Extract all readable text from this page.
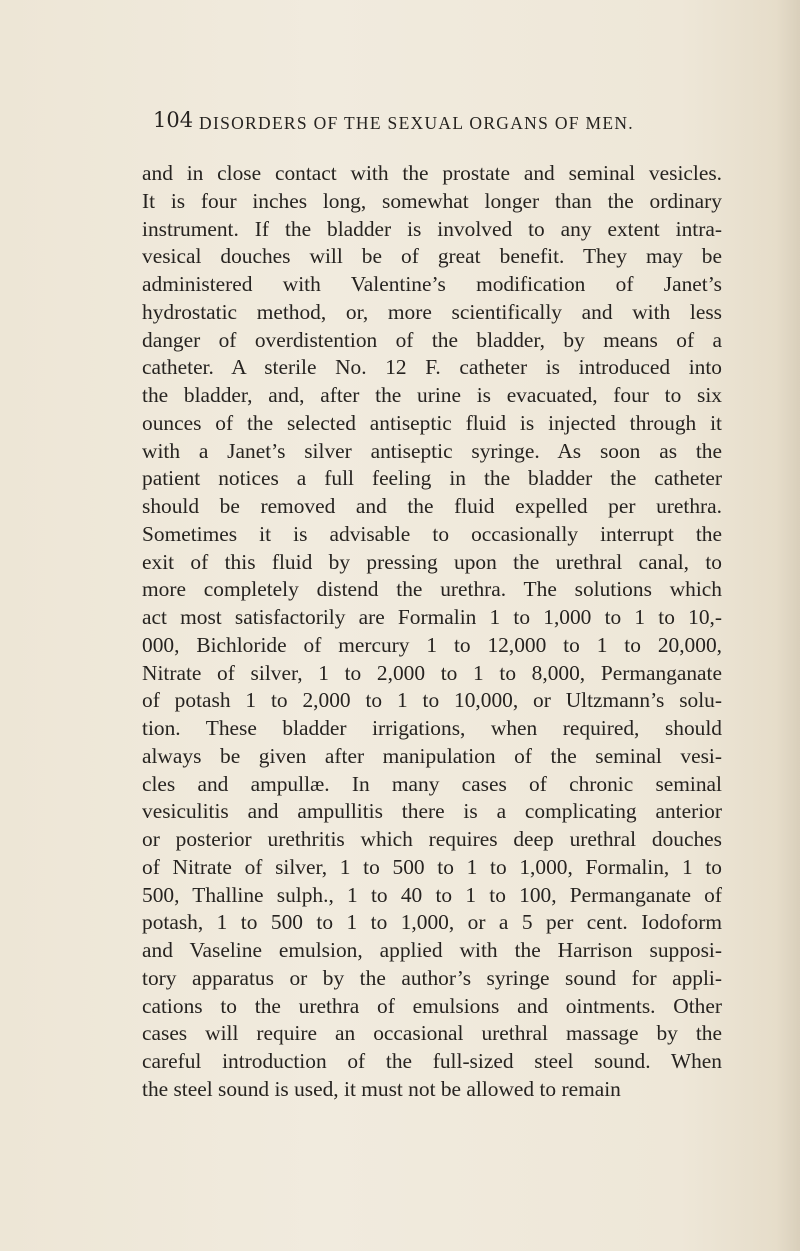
104 DISORDERS OF THE SEXUAL ORGANS OF MEN.

and in close contact with the prostate and seminal vesicles.
It is four inches long, somewhat longer than the ordinary
instrument. If the bladder is involved to any extent intra-
vesical douches will be of great benefit. They may be
administered with Valentine’s modification of Janet’s
hydrostatic method, or, more scientifically and with less
danger of overdistention of the bladder, by means of a
catheter. A sterile No. 12 F. catheter is introduced into
the bladder, and, after the urine is evacuated, four to six
ounces of the selected antiseptic fluid is injected through it
with a Janet’s silver antiseptic syringe. As soon as the
patient notices a full feeling in the bladder the catheter
should be removed and the fluid expelled per urethra.
Sometimes it is advisable to occasionally interrupt the
exit of this fluid by pressing upon the urethral canal, to
more completely distend the urethra. The solutions which
act most satisfactorily are Formalin 1 to 1,000 to 1 to 10,-
000, Bichloride of mercury 1 to 12,000 to 1 to 20,000,
Nitrate of silver, 1 to 2,000 to 1 to 8,000, Permanganate
of potash 1 to 2,000 to 1 to 10,000, or Ultzmann’s solu-
tion. These bladder irrigations, when required, should
always be given after manipulation of the seminal vesi-
cles and ampullæ. In many cases of chronic seminal
vesiculitis and ampullitis there is a complicating anterior
or posterior urethritis which requires deep urethral douches
of Nitrate of silver, 1 to 500 to 1 to 1,000, Formalin, 1 to
500, Thalline sulph., 1 to 40 to 1 to 100, Permanganate of
potash, 1 to 500 to 1 to 1,000, or a 5 per cent. Iodoform
and Vaseline emulsion, applied with the Harrison supposi-
tory apparatus or by the author’s syringe sound for appli-
cations to the urethra of emulsions and ointments. Other
cases will require an occasional urethral massage by the
careful introduction of the full-sized steel sound. When
the steel sound is used, it must not be allowed to remain
